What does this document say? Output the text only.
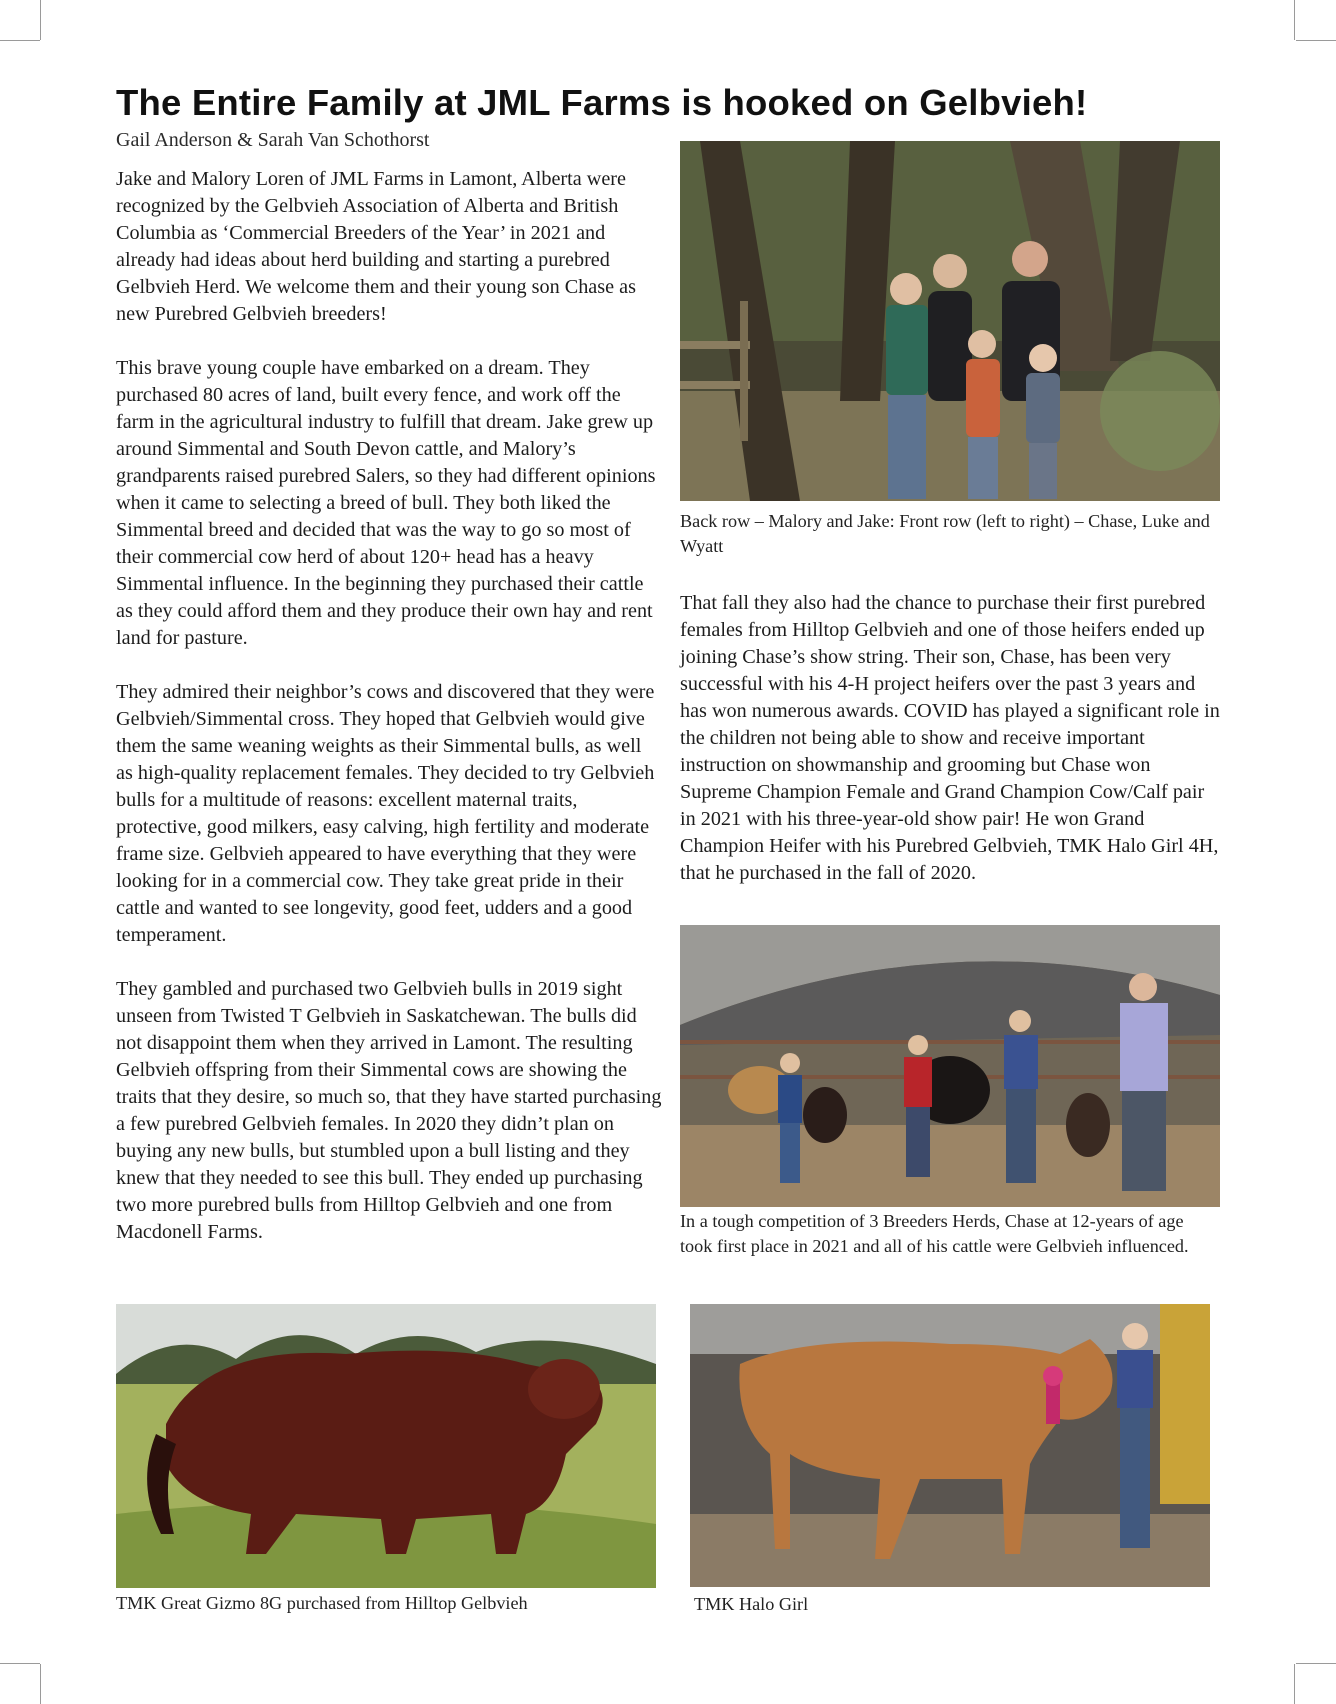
The Entire Family at JML Farms is hooked on Gelbvieh!
Gail Anderson & Sarah Van Schothorst

Jake and Malory Loren of JML Farms in Lamont, Alberta were recognized by the Gelbvieh Association of Alberta and British Columbia as ‘Commercial Breeders of the Year’ in 2021 and already had ideas about herd building and starting a purebred Gelbvieh Herd. We welcome them and their young son Chase as new Purebred Gelbvieh breeders!

This brave young couple have embarked on a dream. They purchased 80 acres of land, built every fence, and work off the farm in the agricultural industry to fulfill that dream. Jake grew up around Simmental and South Devon cattle, and Malory’s grandparents raised purebred Salers, so they had different opinions when it came to selecting a breed of bull. They both liked the Simmental breed and decided that was the way to go so most of their commercial cow herd of about 120+ head has a heavy Simmental influence. In the beginning they purchased their cattle as they could afford them and they produce their own hay and rent land for pasture.

They admired their neighbor’s cows and discovered that they were Gelbvieh/Simmental cross. They hoped that Gelbvieh would give them the same weaning weights as their Simmental bulls, as well as high-quality replacement females. They decided to try Gelbvieh bulls for a multitude of reasons: excellent maternal traits, protective, good milkers, easy calving, high fertility and moderate frame size. Gelbvieh appeared to have everything that they were looking for in a commercial cow. They take great pride in their cattle and wanted to see longevity, good feet, udders and a good temperament.

They gambled and purchased two Gelbvieh bulls in 2019 sight unseen from Twisted T Gelbvieh in Saskatchewan. The bulls did not disappoint them when they arrived in Lamont. The resulting Gelbvieh offspring from their Simmental cows are showing the traits that they desire, so much so, that they have started purchasing a few purebred Gelbvieh females. In 2020 they didn’t plan on buying any new bulls, but stumbled upon a bull listing and they knew that they needed to see this bull. They ended up purchasing two more purebred bulls from Hilltop Gelbvieh and one from Macdonell Farms.

Back row – Malory and Jake: Front row (left to right) – Chase, Luke and Wyatt

That fall they also had the chance to purchase their first purebred females from Hilltop Gelbvieh and one of those heifers ended up joining Chase’s show string. Their son, Chase, has been very successful with his 4-H project heifers over the past 3 years and has won numerous awards. COVID has played a significant role in the children not being able to show and receive important instruction on showmanship and grooming but Chase won Supreme Champion Female and Grand Champion Cow/Calf pair in 2021 with his three-year-old show pair! He won Grand Champion Heifer with his Purebred Gelbvieh, TMK Halo Girl 4H, that he purchased in the fall of 2020.

In a tough competition of 3 Breeders Herds, Chase at 12-years of age took first place in 2021 and all of his cattle were Gelbvieh influenced.
TMK Great Gizmo 8G purchased from Hilltop Gelbvieh	TMK Halo Girl
